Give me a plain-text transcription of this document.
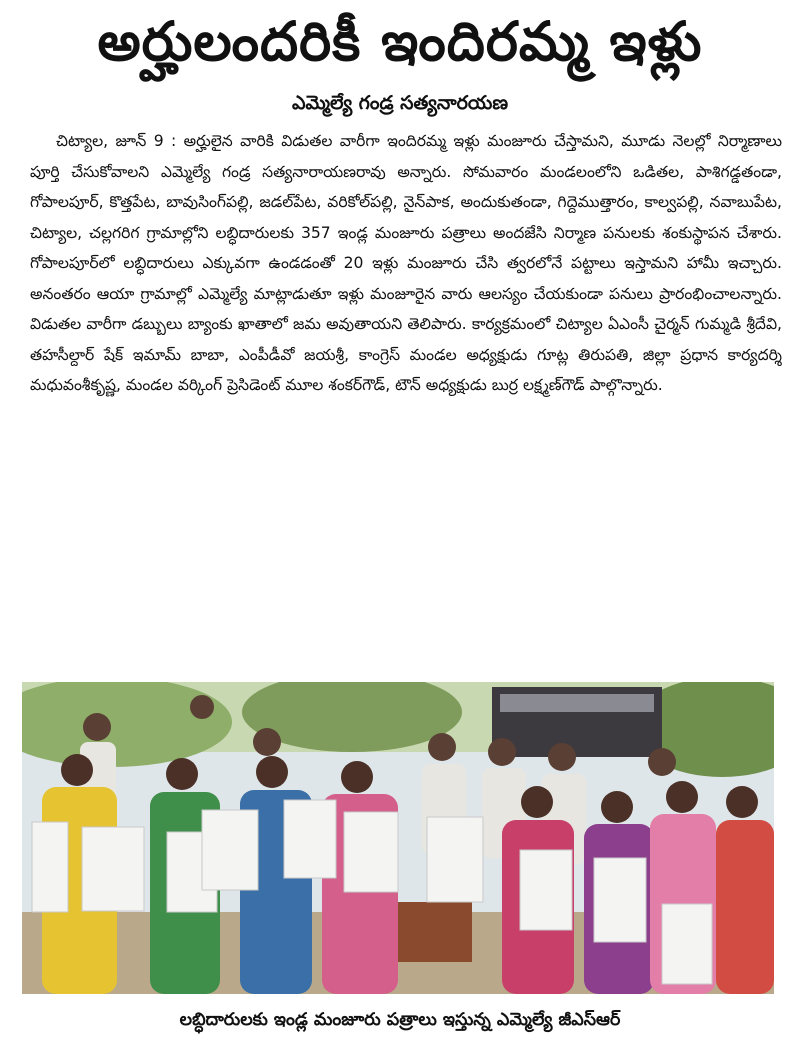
అర్హులందరికీ ఇందిరమ్మ ఇళ్లు
ఎమ్మెల్యే గండ్ర సత్యనారయణ

చిట్యాల, జూన్ 9 : అర్హులైన వారికి విడుతల వారీగా ఇందిరమ్మ ఇళ్లు మంజూరు చేస్తామని, మూడు నెలల్లో నిర్మాణాలు పూర్తి చేసుకోవాలని ఎమ్మెల్యే గండ్ర సత్యనారాయణరావు అన్నారు. సోమవారం మండలంలోని ఒడితల, పాశిగడ్డతండా, గోపాలపూర్, కొత్తపేట, బావుసింగ్‌పల్లి, జడల్‌పేట, వరికోల్‌పల్లి, నైన్‌పాక, అందుకుతండా, గిద్దెముత్తారం, కాల్వపల్లి, నవాబుపేట, చిట్యాల, చల్లగరిగ గ్రామాల్లోని లబ్ధిదారులకు 357 ఇండ్ల మంజూరు పత్రాలు అందజేసి నిర్మాణ పనులకు శంకుస్థాపన చేశారు. గోపాలపూర్‌లో లబ్ధిదారులు ఎక్కువగా ఉండడంతో 20 ఇళ్లు మంజూరు చేసి త్వరలోనే పట్టాలు ఇస్తామని హామీ ఇచ్చారు. అనంతరం ఆయా గ్రామాల్లో ఎమ్మెల్యే మాట్లాడుతూ ఇళ్లు మంజూరైన వారు ఆలస్యం చేయకుండా పనులు ప్రారంభించాలన్నారు. విడుతల వారీగా డబ్బులు బ్యాంకు ఖాతాలో జమ అవుతాయని తెలిపారు. కార్యక్రమంలో చిట్యాల ఏఎంసీ చైర్మన్ గుమ్మడి శ్రీదేవి, తహసీల్దార్ షేక్ ఇమామ్ బాబా, ఎంపీడీవో జయశ్రీ, కాంగ్రెస్ మండల అధ్యక్షుడు గూట్ల తిరుపతి, జిల్లా ప్రధాన కార్యదర్శి మధువంశీకృష్ణ, మండల వర్కింగ్ ప్రెసిడెంట్ మూల శంకర్‌గౌడ్, టౌన్ అధ్యక్షుడు బుర్ర లక్ష్మణ్‌గౌడ్ పాల్గొన్నారు.

లబ్ధిదారులకు ఇండ్ల మంజూరు పత్రాలు ఇస్తున్న ఎమ్మెల్యే జీఎస్ఆర్
